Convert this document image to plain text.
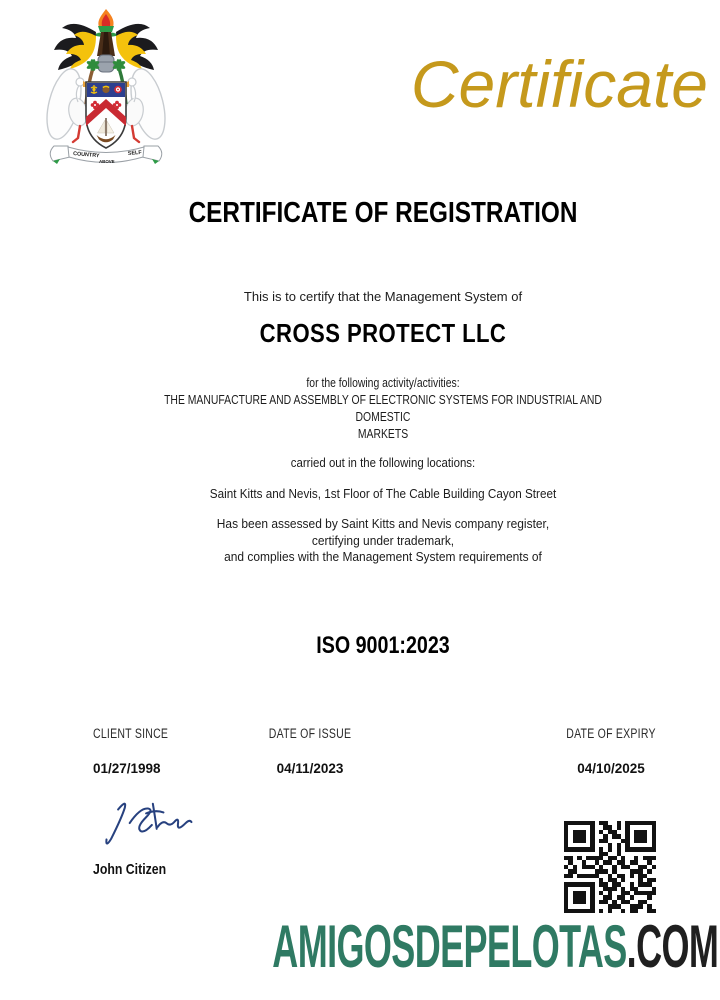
COUNTRY
ABOVE
SELF
Certificate
CERTIFICATE OF REGISTRATION
This is to certify that the Management System of
CROSS PROTECT LLC
for the following activity/activities:
THE MANUFACTURE AND ASSEMBLY OF ELECTRONIC SYSTEMS FOR INDUSTRIAL AND
DOMESTIC
MARKETS
carried out in the following locations:
Saint Kitts and Nevis, 1st Floor of The Cable Building Cayon Street
Has been assessed by Saint Kitts and Nevis company register,
certifying under trademark,
and complies with the Management System requirements of
ISO 9001:2023
CLIENT SINCE
01/27/1998
DATE OF ISSUE
04/11/2023
DATE OF EXPIRY
04/10/2025
John Citizen
AMIGOSDEPELOTAS.COM
